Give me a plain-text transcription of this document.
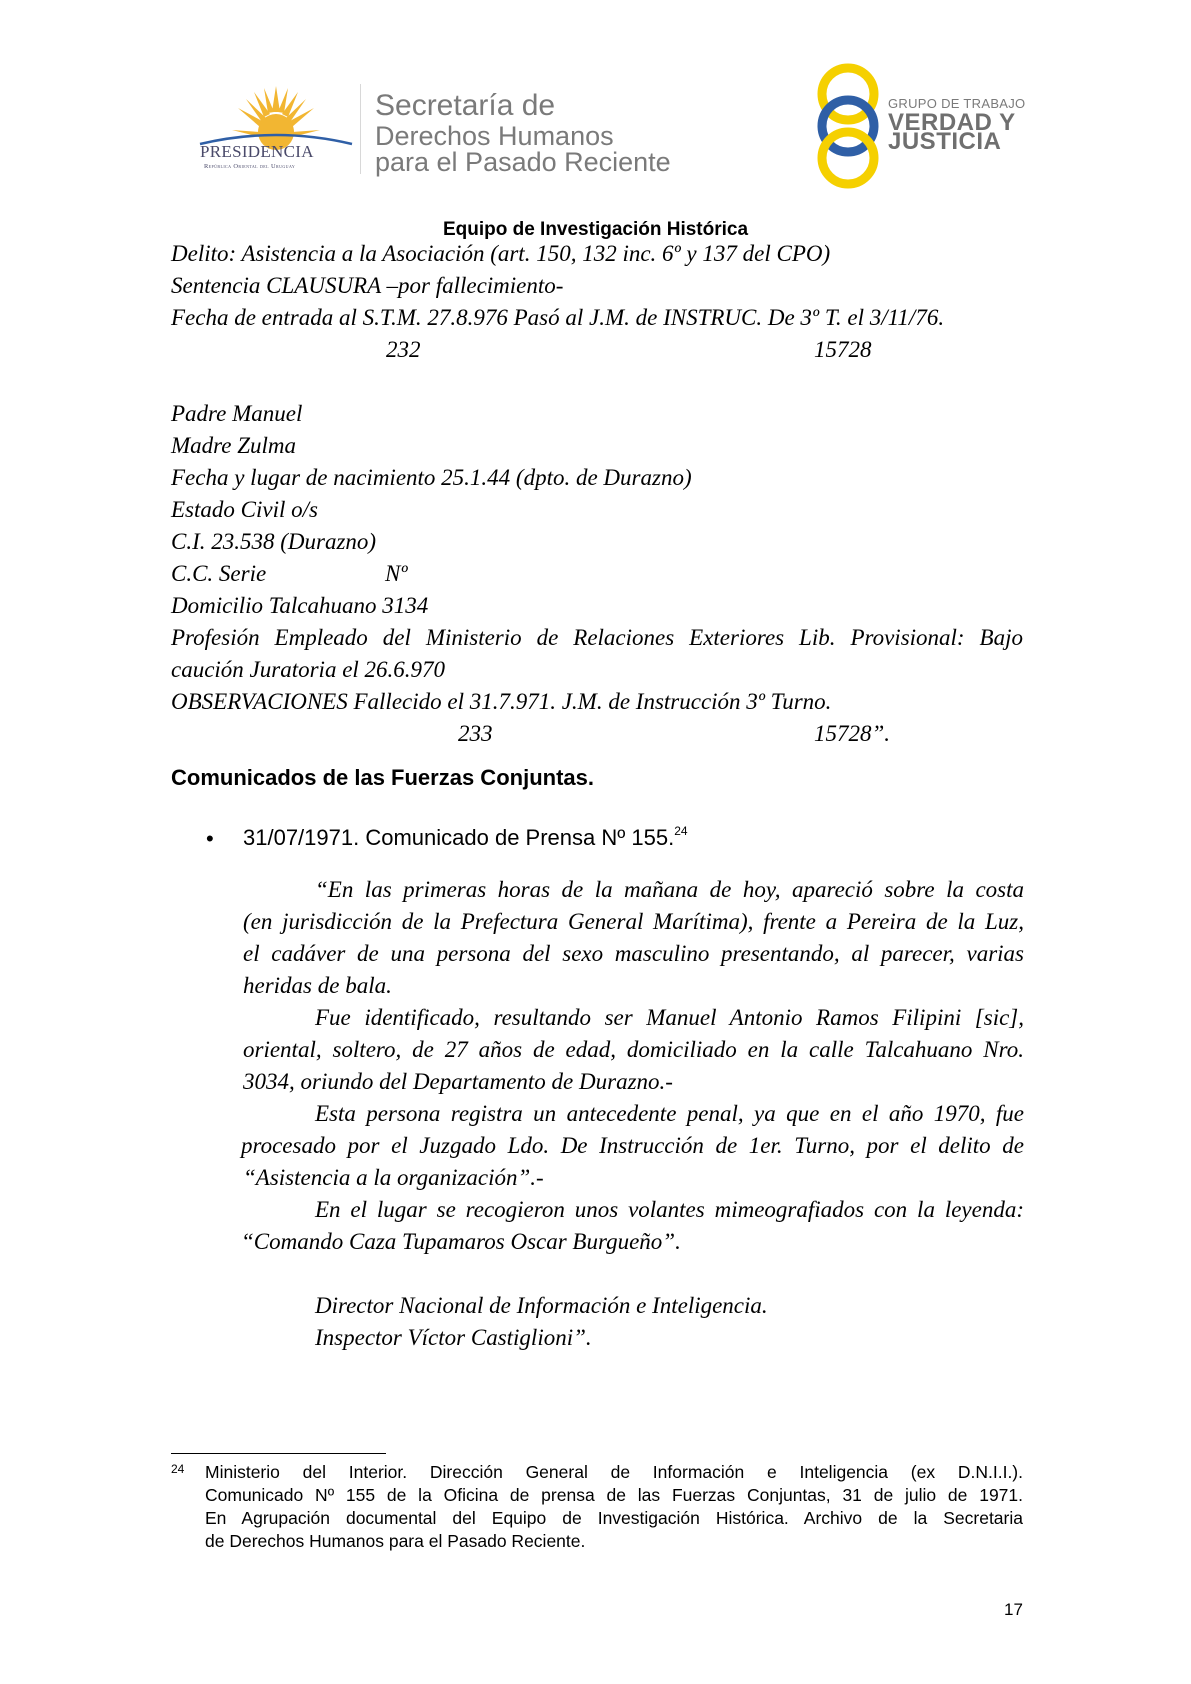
PRESIDENCIA
República Oriental del Uruguay
Secretaría de
Derechos Humanos
para el Pasado Reciente
GRUPO DE TRABAJO
VERDAD Y
JUSTICIA
Equipo de Investigación Histórica
Delito: Asistencia a la Asociación (art. 150, 132 inc. 6º y 137 del CPO)
Sentencia CLAUSURA –por fallecimiento-
Fecha de entrada al S.T.M. 27.8.976 Pasó al J.M. de INSTRUC. De 3º T. el 3/11/76.
232	15728
Padre Manuel
Madre Zulma
Fecha y lugar de nacimiento 25.1.44 (dpto. de Durazno)
Estado Civil o/s
C.I. 23.538 (Durazno)
C.C. Serie	Nº
Domicilio Talcahuano 3134
Profesión Empleado del Ministerio de Relaciones Exteriores Lib. Provisional: Bajo
caución Juratoria el 26.6.970
OBSERVACIONES Fallecido el 31.7.971. J.M. de Instrucción 3º Turno.
233	15728”.
Comunicados de las Fuerzas Conjuntas.
• 31/07/1971. Comunicado de Prensa Nº 155.24
“En las primeras horas de la mañana de hoy, apareció sobre la costa
(en jurisdicción de la Prefectura General Marítima), frente a Pereira de la Luz,
el cadáver de una persona del sexo masculino presentando, al parecer, varias
heridas de bala.
Fue identificado, resultando ser Manuel Antonio Ramos Filipini [sic],
oriental, soltero, de 27 años de edad, domiciliado en la calle Talcahuano Nro.
3034, oriundo del Departamento de Durazno.-
Esta persona registra un antecedente penal, ya que en el año 1970, fue
procesado por el Juzgado Ldo. De Instrucción de 1er. Turno, por el delito de
“Asistencia a la organización”.-
En el lugar se recogieron unos volantes mimeografiados con la leyenda:
“Comando Caza Tupamaros Oscar Burgueño”.
Director Nacional de Información e Inteligencia.
Inspector Víctor Castiglioni”.
24 Ministerio del Interior. Dirección General de Información e Inteligencia (ex D.N.I.I.).
Comunicado Nº 155 de la Oficina de prensa de las Fuerzas Conjuntas, 31 de julio de 1971.
En Agrupación documental del Equipo de Investigación Histórica. Archivo de la Secretaria
de Derechos Humanos para el Pasado Reciente.
17
